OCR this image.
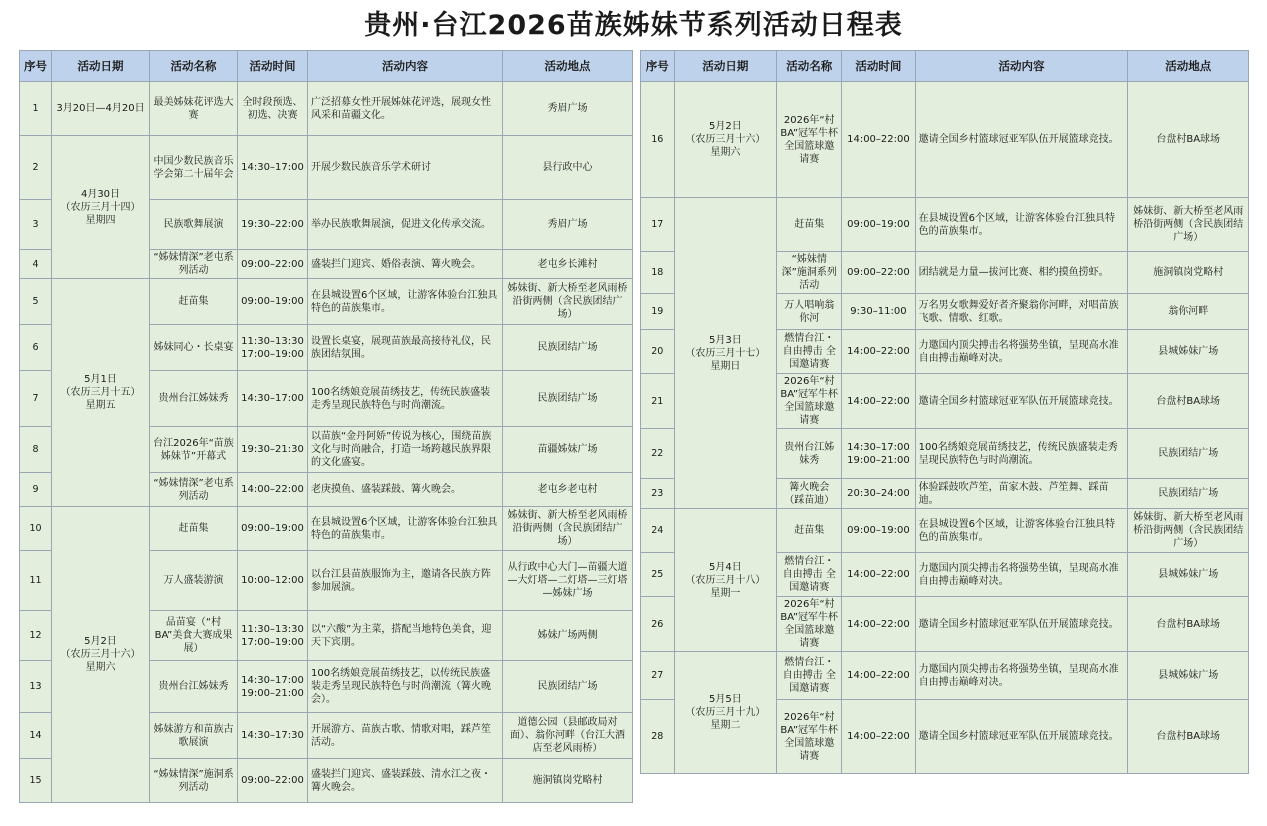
贵州·台江2026苗族姊妹节系列活动日程表
序号	活动日期	活动名称	活动时间	活动内容	活动地点
1	3月20日—4月20日	最美姊妹花评选大赛	全时段预选、
初选、决赛	广泛招募女性开展姊妹花评选，展现女性风采和苗疆文化。	秀眉广场
2	4月30日
（农历三月十四）
星期四	中国少数民族音乐学会第二十届年会	14:30–17:00	开展少数民族音乐学术研讨	县行政中心
3		民族歌舞展演	19:30–22:00	举办民族歌舞展演，促进文化传承交流。	秀眉广场
4		“姊妹情深”老屯系列活动	09:00–22:00	盛装拦门迎宾、婚俗表演、篝火晚会。	老屯乡长滩村
5	5月1日
（农历三月十五）
星期五	赶苗集	09:00–19:00	在县城设置6个区域，让游客体验台江独具特色的苗族集市。	姊妹街、新大桥至老风雨桥沿街两侧（含民族团结广场）
6		姊妹同心・长桌宴	11:30–13:30
17:00–19:00	设置长桌宴，展现苗族最高接待礼仪，民族团结氛围。	民族团结广场
7		贵州台江姊妹秀	14:30–17:00	100名绣娘竞展苗绣技艺，传统民族盛装走秀呈现民族特色与时尚潮流。	民族团结广场
8		台江2026年“苗族姊妹节”开幕式	19:30–21:30	以苗族“金丹阿娇”传说为核心，围绕苗族文化与时尚融合，打造一场跨越民族界限的文化盛宴。	苗疆姊妹广场
9		“姊妹情深”老屯系列活动	14:00–22:00	老庚摸鱼、盛装踩鼓、篝火晚会。	老屯乡老屯村
10	5月2日
（农历三月十六）
星期六	赶苗集	09:00–19:00	在县城设置6个区域，让游客体验台江独具特色的苗族集市。	姊妹街、新大桥至老风雨桥沿街两侧（含民族团结广场）
11		万人盛装游演	10:00–12:00	以台江县苗族服饰为主，邀请各民族方阵参加展演。	从行政中心大门—苗疆大道—大灯塔—二灯塔—三灯塔—姊妹广场
12		品苗宴（“村BA”美食大赛成果展）	11:30–13:30
17:00–19:00	以“六酸”为主菜，搭配当地特色美食，迎天下宾朋。	姊妹广场两侧
13		贵州台江姊妹秀	14:30–17:00
19:00–21:00	100名绣娘竞展苗绣技艺，以传统民族盛装走秀呈现民族特色与时尚潮流（篝火晚会）。	民族团结广场
14		姊妹游方和苗族古歌展演	14:30–17:30	开展游方、苗族古歌、情歌对唱，踩芦笙活动。	道德公园（县邮政局对面）、翁你河畔（台江大酒店至老风雨桥）
15		“姊妹情深”施洞系列活动	09:00–22:00	盛装拦门迎宾、盛装踩鼓、清水江之夜・篝火晚会。	施洞镇岗党略村
序号	活动日期	活动名称	活动时间	活动内容	活动地点
16	5月2日
（农历三月十六）
星期六	2026年“村BA”冠军牛杯全国篮球邀请赛	14:00–22:00	邀请全国乡村篮球冠亚军队伍开展篮球竞技。	台盘村BA球场
17	5月3日
（农历三月十七）
星期日	赶苗集	09:00–19:00	在县城设置6个区域，让游客体验台江独具特色的苗族集市。	姊妹街、新大桥至老风雨桥沿街两侧（含民族团结广场）
18		“姊妹情深”施洞系列活动	09:00–22:00	团结就是力量—拔河比赛、相约摸鱼捞虾。	施洞镇岗党略村
19		万人唱响翁你河	9:30–11:00	万名男女歌舞爱好者齐聚翁你河畔，对唱苗族飞歌、情歌、红歌。	翁你河畔
20		燃情台江・自由搏击 全国邀请赛	14:00–22:00	力邀国内顶尖搏击名将强势坐镇，呈现高水准自由搏击巅峰对决。	县城姊妹广场
21		2026年“村BA”冠军牛杯全国篮球邀请赛	14:00–22:00	邀请全国乡村篮球冠亚军队伍开展篮球竞技。	台盘村BA球场
22		贵州台江姊妹秀	14:30–17:00
19:00–21:00	100名绣娘竞展苗绣技艺，传统民族盛装走秀呈现民族特色与时尚潮流。	民族团结广场
23		篝火晚会（踩苗迪）	20:30–24:00	体验踩鼓吹芦笙，苗家木鼓、芦笙舞、踩苗迪。	民族团结广场
24	5月4日
（农历三月十八）
星期一	赶苗集	09:00–19:00	在县城设置6个区域，让游客体验台江独具特色的苗族集市。	姊妹街、新大桥至老风雨桥沿街两侧（含民族团结广场）
25		燃情台江・自由搏击 全国邀请赛	14:00–22:00	力邀国内顶尖搏击名将强势坐镇，呈现高水准自由搏击巅峰对决。	县城姊妹广场
26		2026年“村BA”冠军牛杯全国篮球邀请赛	14:00–22:00	邀请全国乡村篮球冠亚军队伍开展篮球竞技。	台盘村BA球场
27	5月5日
（农历三月十九）
星期二	燃情台江・自由搏击 全国邀请赛	14:00–22:00	力邀国内顶尖搏击名将强势坐镇，呈现高水准自由搏击巅峰对决。	县城姊妹广场
28		2026年“村BA”冠军牛杯全国篮球邀请赛	14:00–22:00	邀请全国乡村篮球冠亚军队伍开展篮球竞技。	台盘村BA球场
